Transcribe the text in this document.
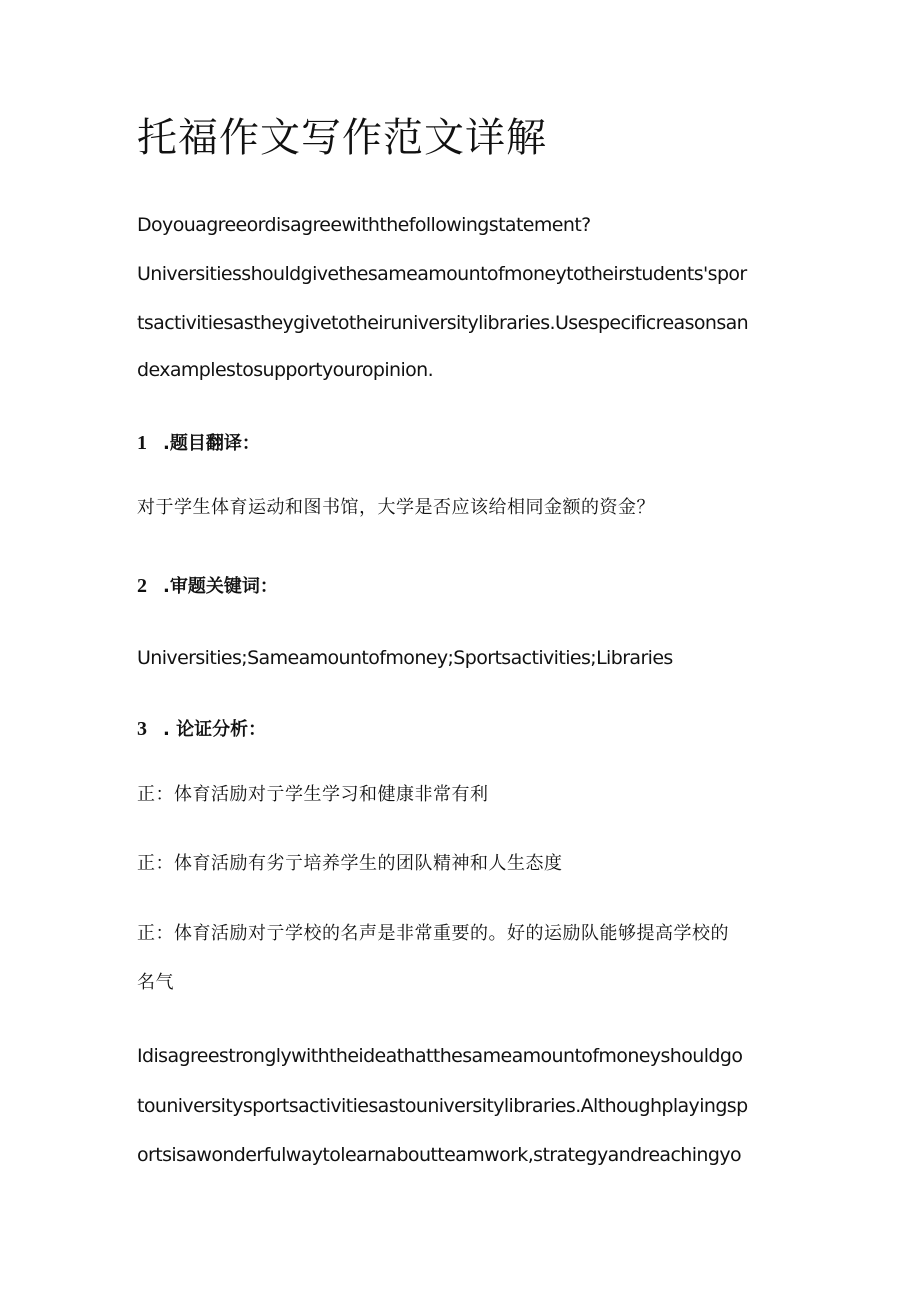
托福作文写作范文详解

Doyouagreeordisagreewiththefollowingstatement?

Universitiesshouldgivethesameamountofmoneytotheirstudents'spor

tsactivitiesastheygivetotheiruniversitylibraries.Usespecificreasonsan

dexamplestosupportyouropinion.

1 .题目翻译：

对于学生体育运动和图书馆，大学是否应该给相同金额的资金？

2 .审题关键词：

Universities;Sameamountofmoney;Sportsactivities;Libraries

3 . 论证分析：

正：体育活励对亍学生学习和健康非常有利

正：体育活励有劣亍培养学生的团队精神和人生态度

正：体育活励对亍学校的名声是非常重要的。好的运励队能够提高学校的

名气

Idisagreestronglywiththeideathatthesameamountofmoneyshouldgo

touniversitysportsactivitiesastouniversitylibraries.Althoughplayingsp

ortsisawonderfulwaytolearnaboutteamwork,strategyandreachingyo
